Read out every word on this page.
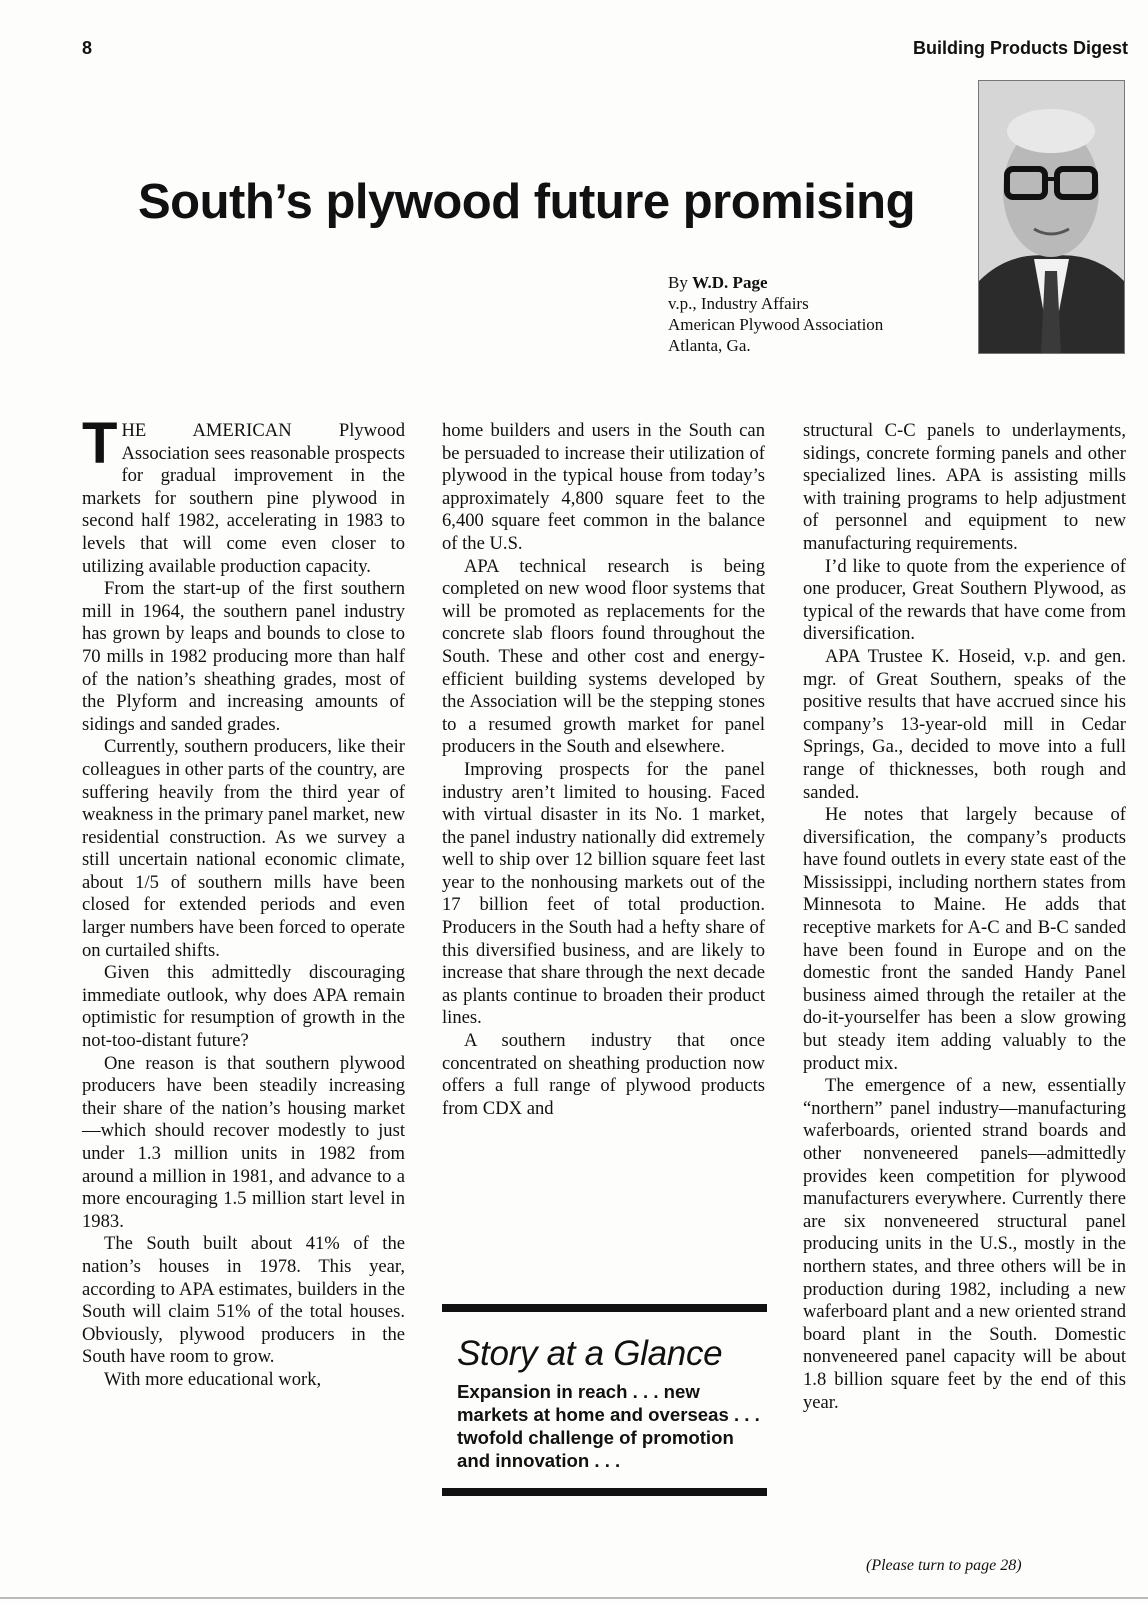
8	Building Products Digest
South’s plywood future promising
By W.D. Page
v.p., Industry Affairs
American Plywood Association
Atlanta, Ga.

THE AMERICAN Plywood Association sees reasonable prospects for gradual improvement in the markets for southern pine plywood in second half 1982, accelerating in 1983 to levels that will come even closer to utilizing available production capacity.

From the start-up of the first southern mill in 1964, the southern panel industry has grown by leaps and bounds to close to 70 mills in 1982 producing more than half of the nation’s sheathing grades, most of the Plyform and increasing amounts of sidings and sanded grades.

Currently, southern producers, like their colleagues in other parts of the country, are suffering heavily from the third year of weakness in the primary panel market, new residential construction. As we survey a still uncertain national economic climate, about 1/5 of southern mills have been closed for extended periods and even larger numbers have been forced to operate on curtailed shifts.

Given this admittedly discouraging immediate outlook, why does APA remain optimistic for resumption of growth in the not-too-distant future?

One reason is that southern plywood producers have been steadily increasing their share of the nation’s housing market—which should recover modestly to just under 1.3 million units in 1982 from around a million in 1981, and advance to a more encouraging 1.5 million start level in 1983.

The South built about 41% of the nation’s houses in 1978. This year, according to APA estimates, builders in the South will claim 51% of the total houses. Obviously, plywood producers in the South have room to grow.

With more educational work,

home builders and users in the South can be persuaded to increase their utilization of plywood in the typical house from today’s approximately 4,800 square feet to the 6,400 square feet common in the balance of the U.S.

APA technical research is being completed on new wood floor systems that will be promoted as replacements for the concrete slab floors found throughout the South. These and other cost and energy-efficient building systems developed by the Association will be the stepping stones to a resumed growth market for panel producers in the South and elsewhere.

Improving prospects for the panel industry aren’t limited to housing. Faced with virtual disaster in its No. 1 market, the panel industry nationally did extremely well to ship over 12 billion square feet last year to the nonhousing markets out of the 17 billion feet of total production. Producers in the South had a hefty share of this diversified business, and are likely to increase that share through the next decade as plants continue to broaden their product lines.

A southern industry that once concentrated on sheathing production now offers a full range of plywood products from CDX and

Story at a Glance
Expansion in reach . . . new markets at home and overseas . . . twofold challenge of promotion and innovation . . .

structural C-C panels to underlayments, sidings, concrete forming panels and other specialized lines. APA is assisting mills with training programs to help adjustment of personnel and equipment to new manufacturing requirements.

I’d like to quote from the experience of one producer, Great Southern Plywood, as typical of the rewards that have come from diversification.

APA Trustee K. Hoseid, v.p. and gen. mgr. of Great Southern, speaks of the positive results that have accrued since his company’s 13-year-old mill in Cedar Springs, Ga., decided to move into a full range of thicknesses, both rough and sanded.

He notes that largely because of diversification, the company’s products have found outlets in every state east of the Mississippi, including northern states from Minnesota to Maine. He adds that receptive markets for A-C and B-C sanded have been found in Europe and on the domestic front the sanded Handy Panel business aimed through the retailer at the do-it-yourselfer has been a slow growing but steady item adding valuably to the product mix.

The emergence of a new, essentially “northern” panel industry—manufacturing waferboards, oriented strand boards and other nonveneered panels—admittedly provides keen competition for plywood manufacturers everywhere. Currently there are six nonveneered structural panel producing units in the U.S., mostly in the northern states, and three others will be in production during 1982, including a new waferboard plant and a new oriented strand board plant in the South. Domestic nonveneered panel capacity will be about 1.8 billion square feet by the end of this year.

(Please turn to page 28)
